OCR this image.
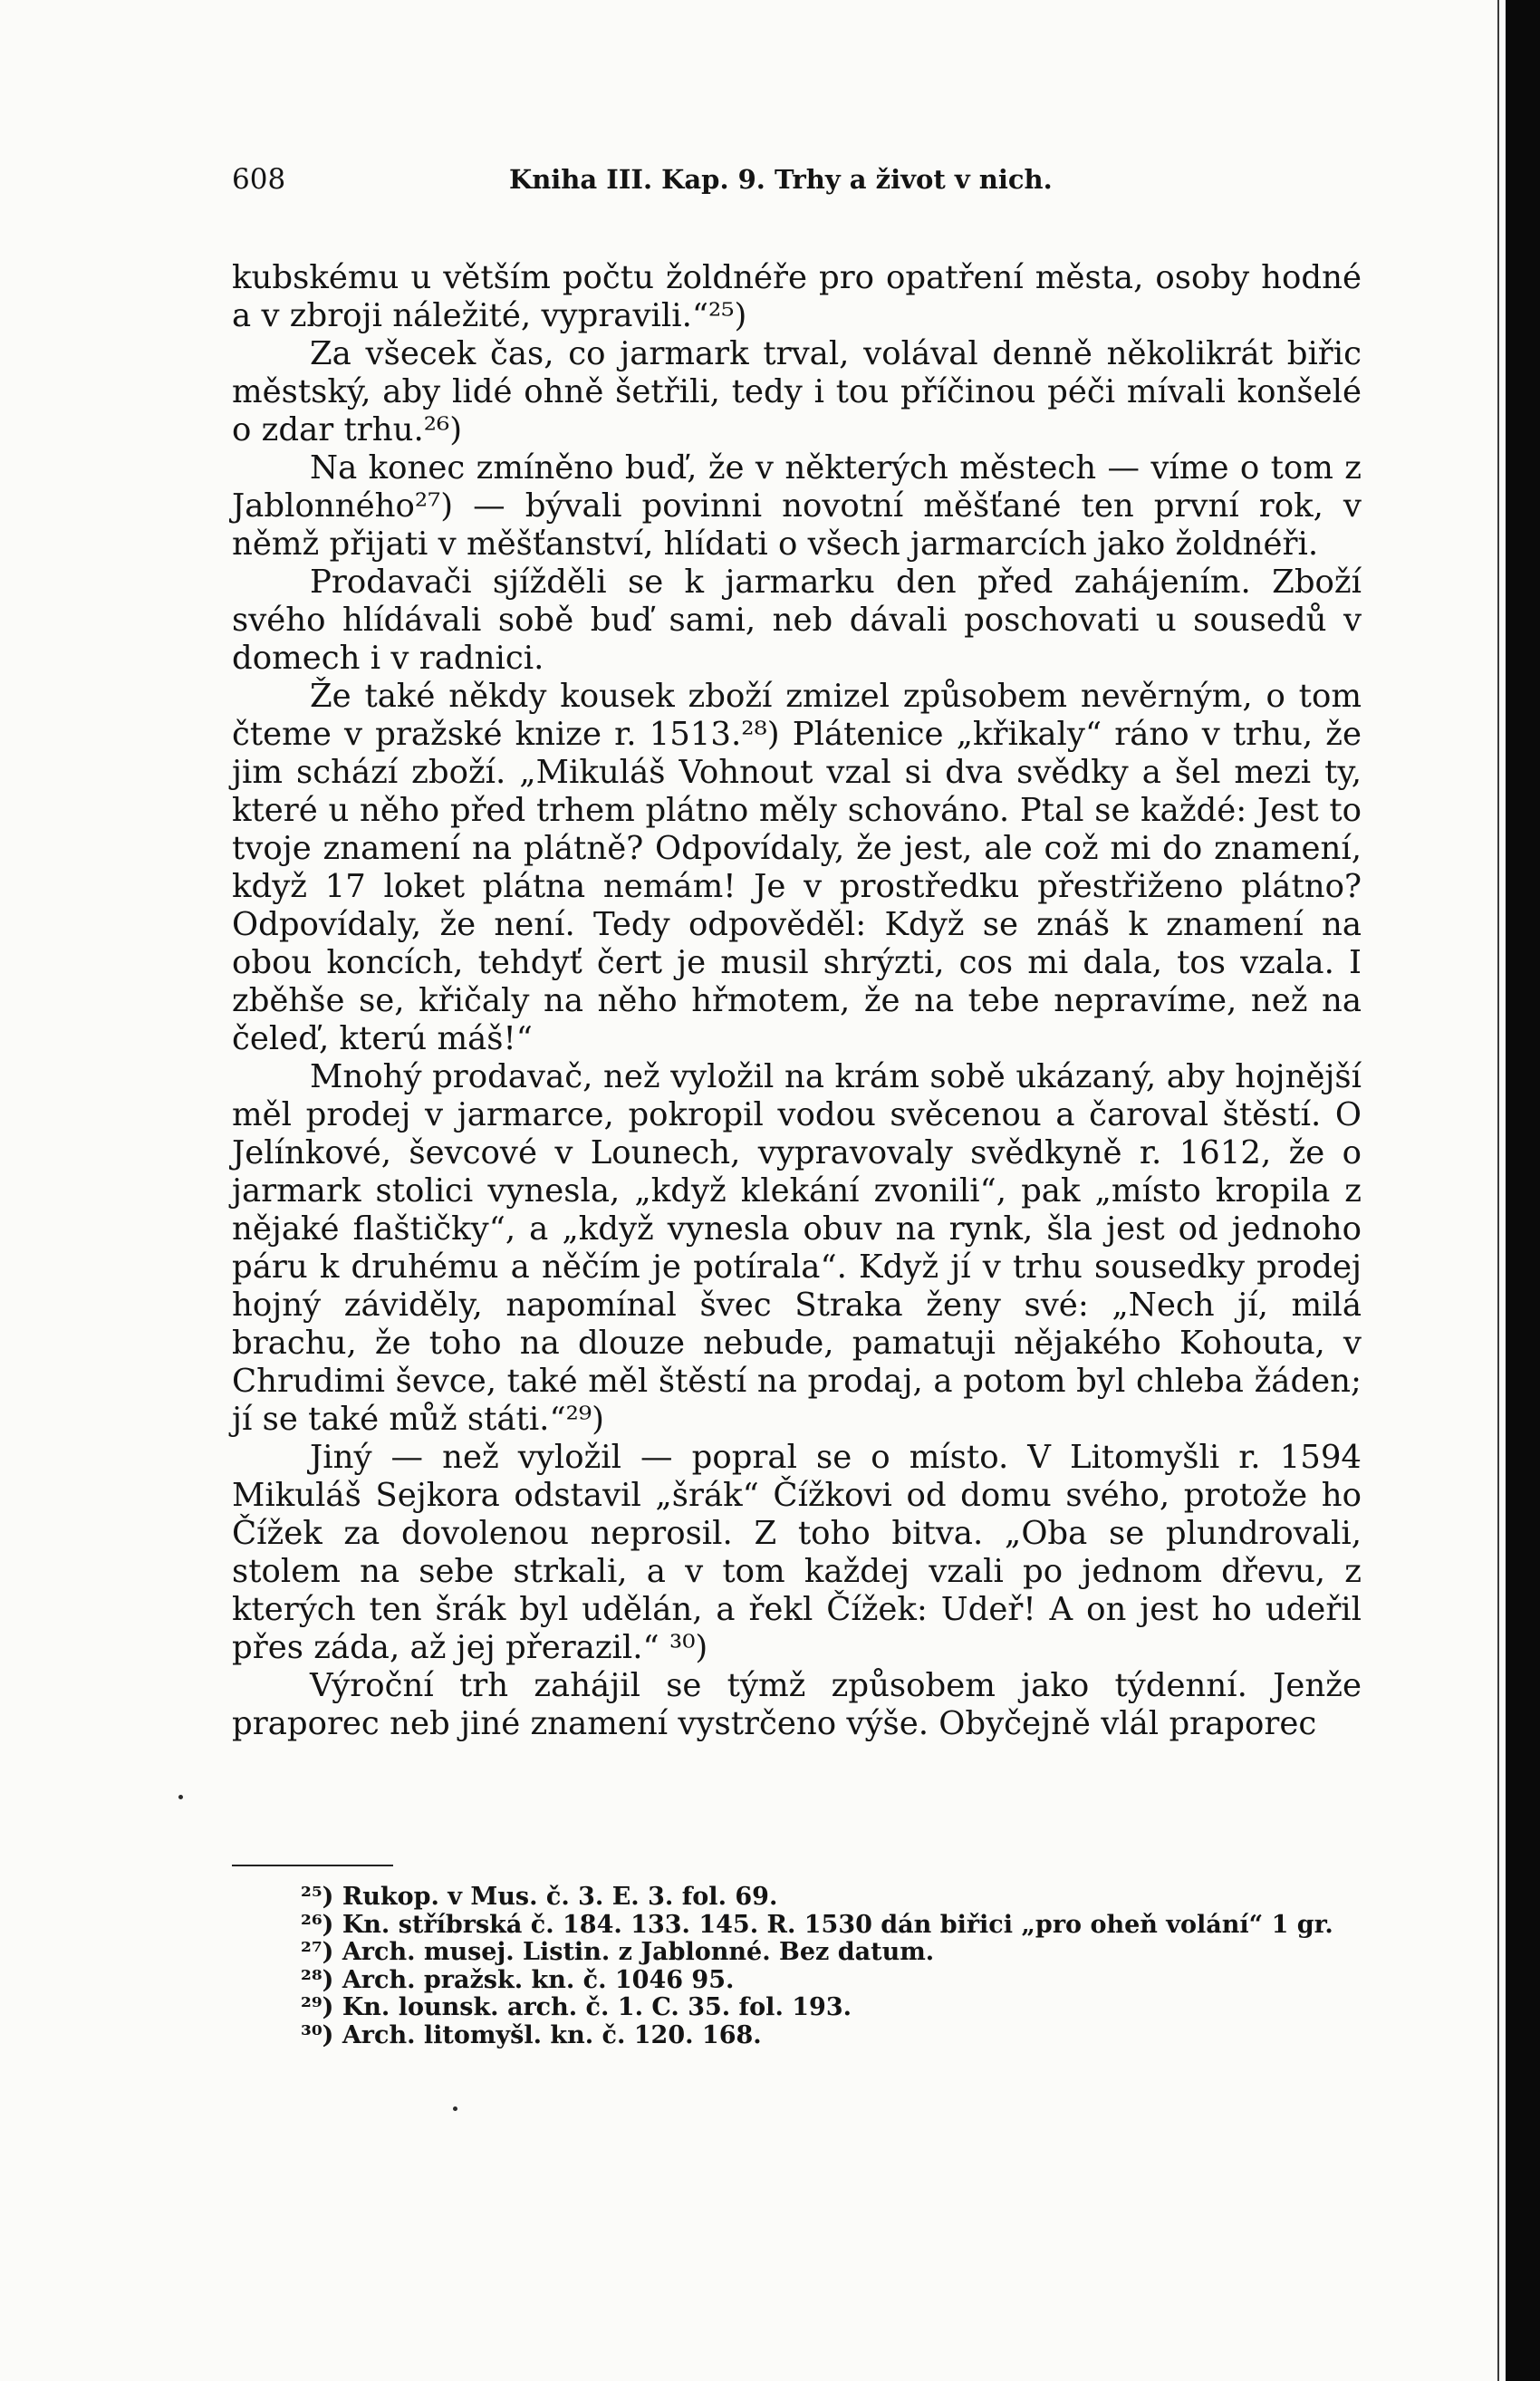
608	Kniha III. Kap. 9. Trhy a život v nich.

kubskému u větším počtu žoldnéře pro opatření města, osoby hodné a v zbroji náležité, vypravili.“²⁵)

Za všecek čas, co jarmark trval, volával denně několikrát biřic městský, aby lidé ohně šetřili, tedy i tou příčinou péči mívali konšelé o zdar trhu.²⁶)

Na konec zmíněno buď, že v některých městech — víme o tom z Jablonného²⁷) — bývali povinni novotní měšťané ten první rok, v němž přijati v měšťanství, hlídati o všech jarmarcích jako žoldnéři.

Prodavači sjížděli se k jarmarku den před zahájením. Zboží svého hlídávali sobě buď sami, neb dávali poschovati u sousedů v domech i v radnici.

Že také někdy kousek zboží zmizel způsobem nevěrným, o tom čteme v pražské knize r. 1513.²⁸) Plátenice „křikaly“ ráno v trhu, že jim schází zboží. „Mikuláš Vohnout vzal si dva svědky a šel mezi ty, které u něho před trhem plátno měly schováno. Ptal se každé: Jest to tvoje znamení na plátně? Odpovídaly, že jest, ale což mi do znamení, když 17 loket plátna nemám! Je v prostředku přestřiženo plátno? Odpovídaly, že není. Tedy odpověděl: Když se znáš k znamení na obou koncích, tehdyť čert je musil shrýzti, cos mi dala, tos vzala. I zběhše se, křičaly na něho hřmotem, že na tebe nepravíme, než na čeleď, kterú máš!“

Mnohý prodavač, než vyložil na krám sobě ukázaný, aby hojnější měl prodej v jarmarce, pokropil vodou svěcenou a čaroval štěstí. O Jelínkové, ševcové v Lounech, vypravovaly svědkyně r. 1612, že o jarmark stolici vynesla, „když klekání zvonili“, pak „místo kropila z nějaké flaštičky“, a „když vynesla obuv na rynk, šla jest od jednoho páru k druhému a něčím je potírala“. Když jí v trhu sousedky prodej hojný záviděly, napomínal švec Straka ženy své: „Nech jí, milá brachu, že toho na dlouze nebude, pamatuji nějakého Kohouta, v Chrudimi ševce, také měl štěstí na prodaj, a potom byl chleba žáden; jí se také můž státi.“²⁹)

Jiný — než vyložil — popral se o místo. V Litomyšli r. 1594 Mikuláš Sejkora odstavil „šrák“ Čížkovi od domu svého, protože ho Čížek za dovolenou neprosil. Z toho bitva. „Oba se plundrovali, stolem na sebe strkali, a v tom každej vzali po jednom dřevu, z kterých ten šrák byl udělán, a řekl Čížek: Udeř! A on jest ho udeřil přes záda, až jej přerazil.“ ³⁰)

Výroční trh zahájil se týmž způsobem jako týdenní. Jenže praporec neb jiné znamení vystrčeno výše. Obyčejně vlál praporec

²⁵) Rukop. v Mus. č. 3. E. 3. fol. 69.

²⁶) Kn. stříbrská č. 184. 133. 145. R. 1530 dán biřici „pro oheň volání“ 1 gr.

²⁷) Arch. musej. Listin. z Jablonné. Bez datum.

²⁸) Arch. pražsk. kn. č. 1046 95.

²⁹) Kn. lounsk. arch. č. 1. C. 35. fol. 193.

³⁰) Arch. litomyšl. kn. č. 120. 168.
